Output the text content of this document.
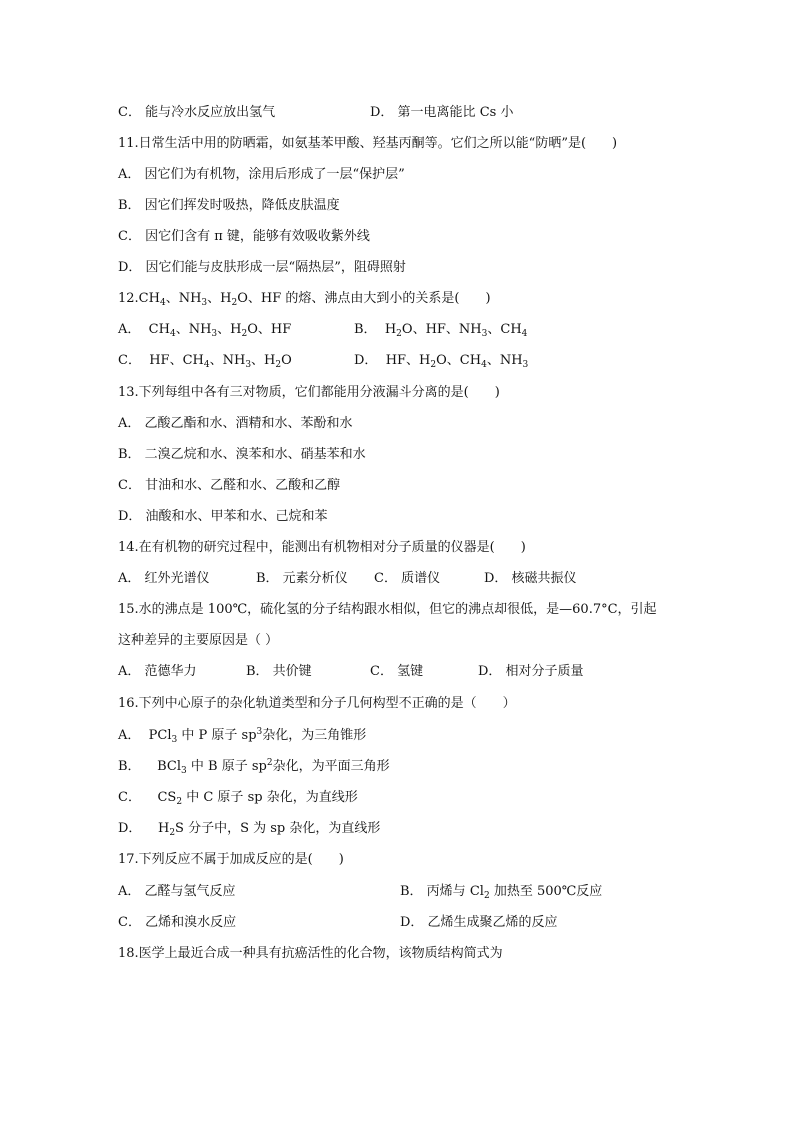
C． 能与冷水反应放出氢气	D． 第一电离能比 Cs 小
11.日常生活中用的防晒霜，如氨基苯甲酸、羟基丙酮等。它们之所以能“防晒”是(　　)
A． 因它们为有机物，涂用后形成了一层“保护层”
B． 因它们挥发时吸热，降低皮肤温度
C． 因它们含有 π 键，能够有效吸收紫外线
D． 因它们能与皮肤形成一层“隔热层”，阻碍照射
$12.CH_4$、$NH_3$、$H_2O$、HF 的熔、沸点由大到小的关系是(　　)
A．  $CH_4$、$NH_3$、$H_2O$、HF	B．  $H_2O$、HF、$NH_3$、$CH_4$
C．  HF、$CH_4$、$NH_3$、$H_2O$	D．  HF、$H_2O$、$CH_4$、$NH_3$
13.下列每组中各有三对物质，它们都能用分液漏斗分离的是(　　)
A． 乙酸乙酯和水、酒精和水、苯酚和水
B． 二溴乙烷和水、溴苯和水、硝基苯和水
C． 甘油和水、乙醛和水、乙酸和乙醇
D． 油酸和水、甲苯和水、己烷和苯
14.在有机物的研究过程中，能测出有机物相对分子质量的仪器是(　　)
A． 红外光谱仪	B． 元素分析仪 C． 质谱仪	D． 核磁共振仪
15.水的沸点是 100℃，硫化氢的分子结构跟水相似，但它的沸点却很低，是—60.7°C，引起
这种差异的主要原因是（ ）
A． 范德华力	B． 共价键	C． 氢键	D． 相对分子质量
16.下列中心原子的杂化轨道类型和分子几何构型不正确的是（　　）
A．  PCl$_3$ 中 P 原子 $sp^3$杂化，为三角锥形
B．    BCl$_3$ 中 B 原子 $sp^2$杂化，为平面三角形
C．    $CS_2$ 中 C 原子 sp 杂化，为直线形
D．    $H_2S$ 分子中，S 为 sp 杂化，为直线形
17.下列反应不属于加成反应的是(　　)
A． 乙醛与氢气反应	B． 丙烯与 $Cl_2$ 加热至 500℃反应
C． 乙烯和溴水反应	D． 乙烯生成聚乙烯的反应
18.医学上最近合成一种具有抗癌活性的化合物，该物质结构简式为
